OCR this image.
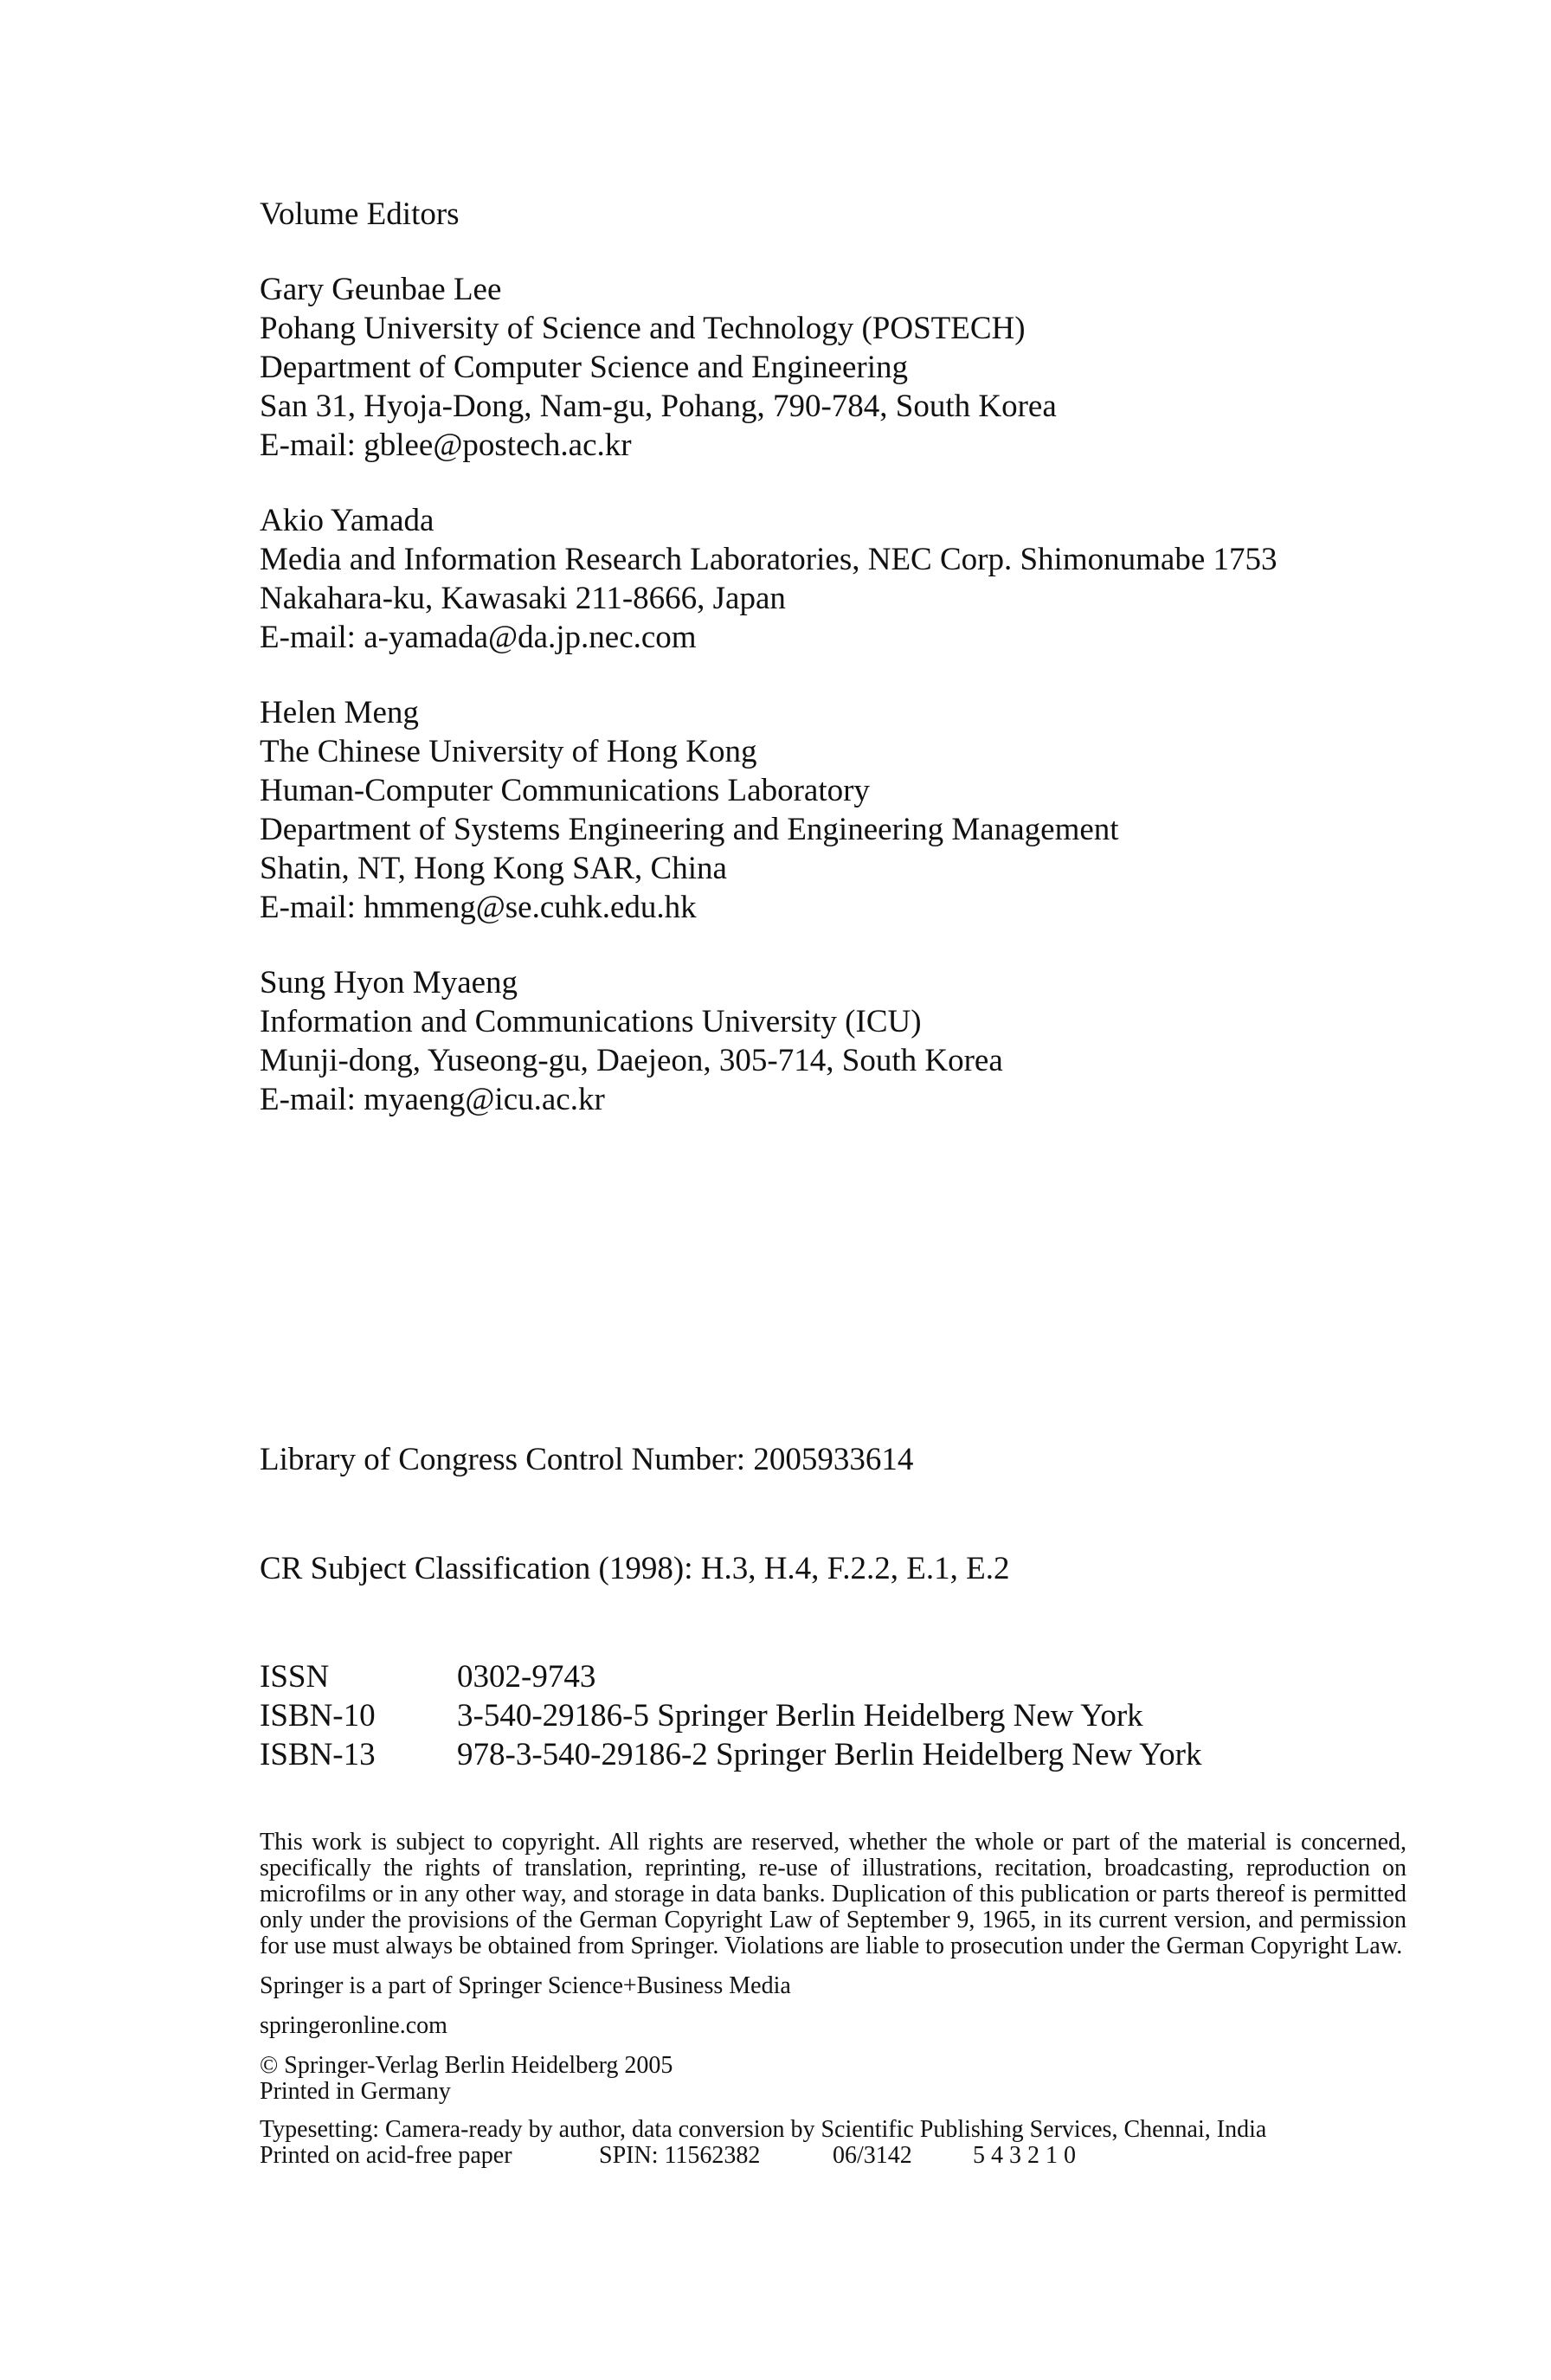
Volume Editors
Gary Geunbae Lee
Pohang University of Science and Technology (POSTECH)
Department of Computer Science and Engineering
San 31, Hyoja-Dong, Nam-gu, Pohang, 790-784, South Korea
E-mail: gblee@postech.ac.kr
Akio Yamada
Media and Information Research Laboratories, NEC Corp. Shimonumabe 1753
Nakahara-ku, Kawasaki 211-8666, Japan
E-mail: a-yamada@da.jp.nec.com
Helen Meng
The Chinese University of Hong Kong
Human-Computer Communications Laboratory
Department of Systems Engineering and Engineering Management
Shatin, NT, Hong Kong SAR, China
E-mail: hmmeng@se.cuhk.edu.hk
Sung Hyon Myaeng
Information and Communications University (ICU)
Munji-dong, Yuseong-gu, Daejeon, 305-714, South Korea
E-mail: myaeng@icu.ac.kr
Library of Congress Control Number: 2005933614
CR Subject Classification (1998): H.3, H.4, F.2.2, E.1, E.2
ISSN	0302-9743
ISBN-10	3-540-29186-5 Springer Berlin Heidelberg New York
ISBN-13	978-3-540-29186-2 Springer Berlin Heidelberg New York
This work is subject to copyright. All rights are reserved, whether the whole or part of the material is concerned, specifically the rights of translation, reprinting, re-use of illustrations, recitation, broadcasting, reproduction on microfilms or in any other way, and storage in data banks. Duplication of this publication or parts thereof is permitted only under the provisions of the German Copyright Law of September 9, 1965, in its current version, and permission for use must always be obtained from Springer. Violations are liable to prosecution under the German Copyright Law.
Springer is a part of Springer Science+Business Media
springeronline.com
© Springer-Verlag Berlin Heidelberg 2005
Printed in Germany
Typesetting: Camera-ready by author, data conversion by Scientific Publishing Services, Chennai, India
Printed on acid-free paper	SPIN: 11562382	06/3142	5 4 3 2 1 0
